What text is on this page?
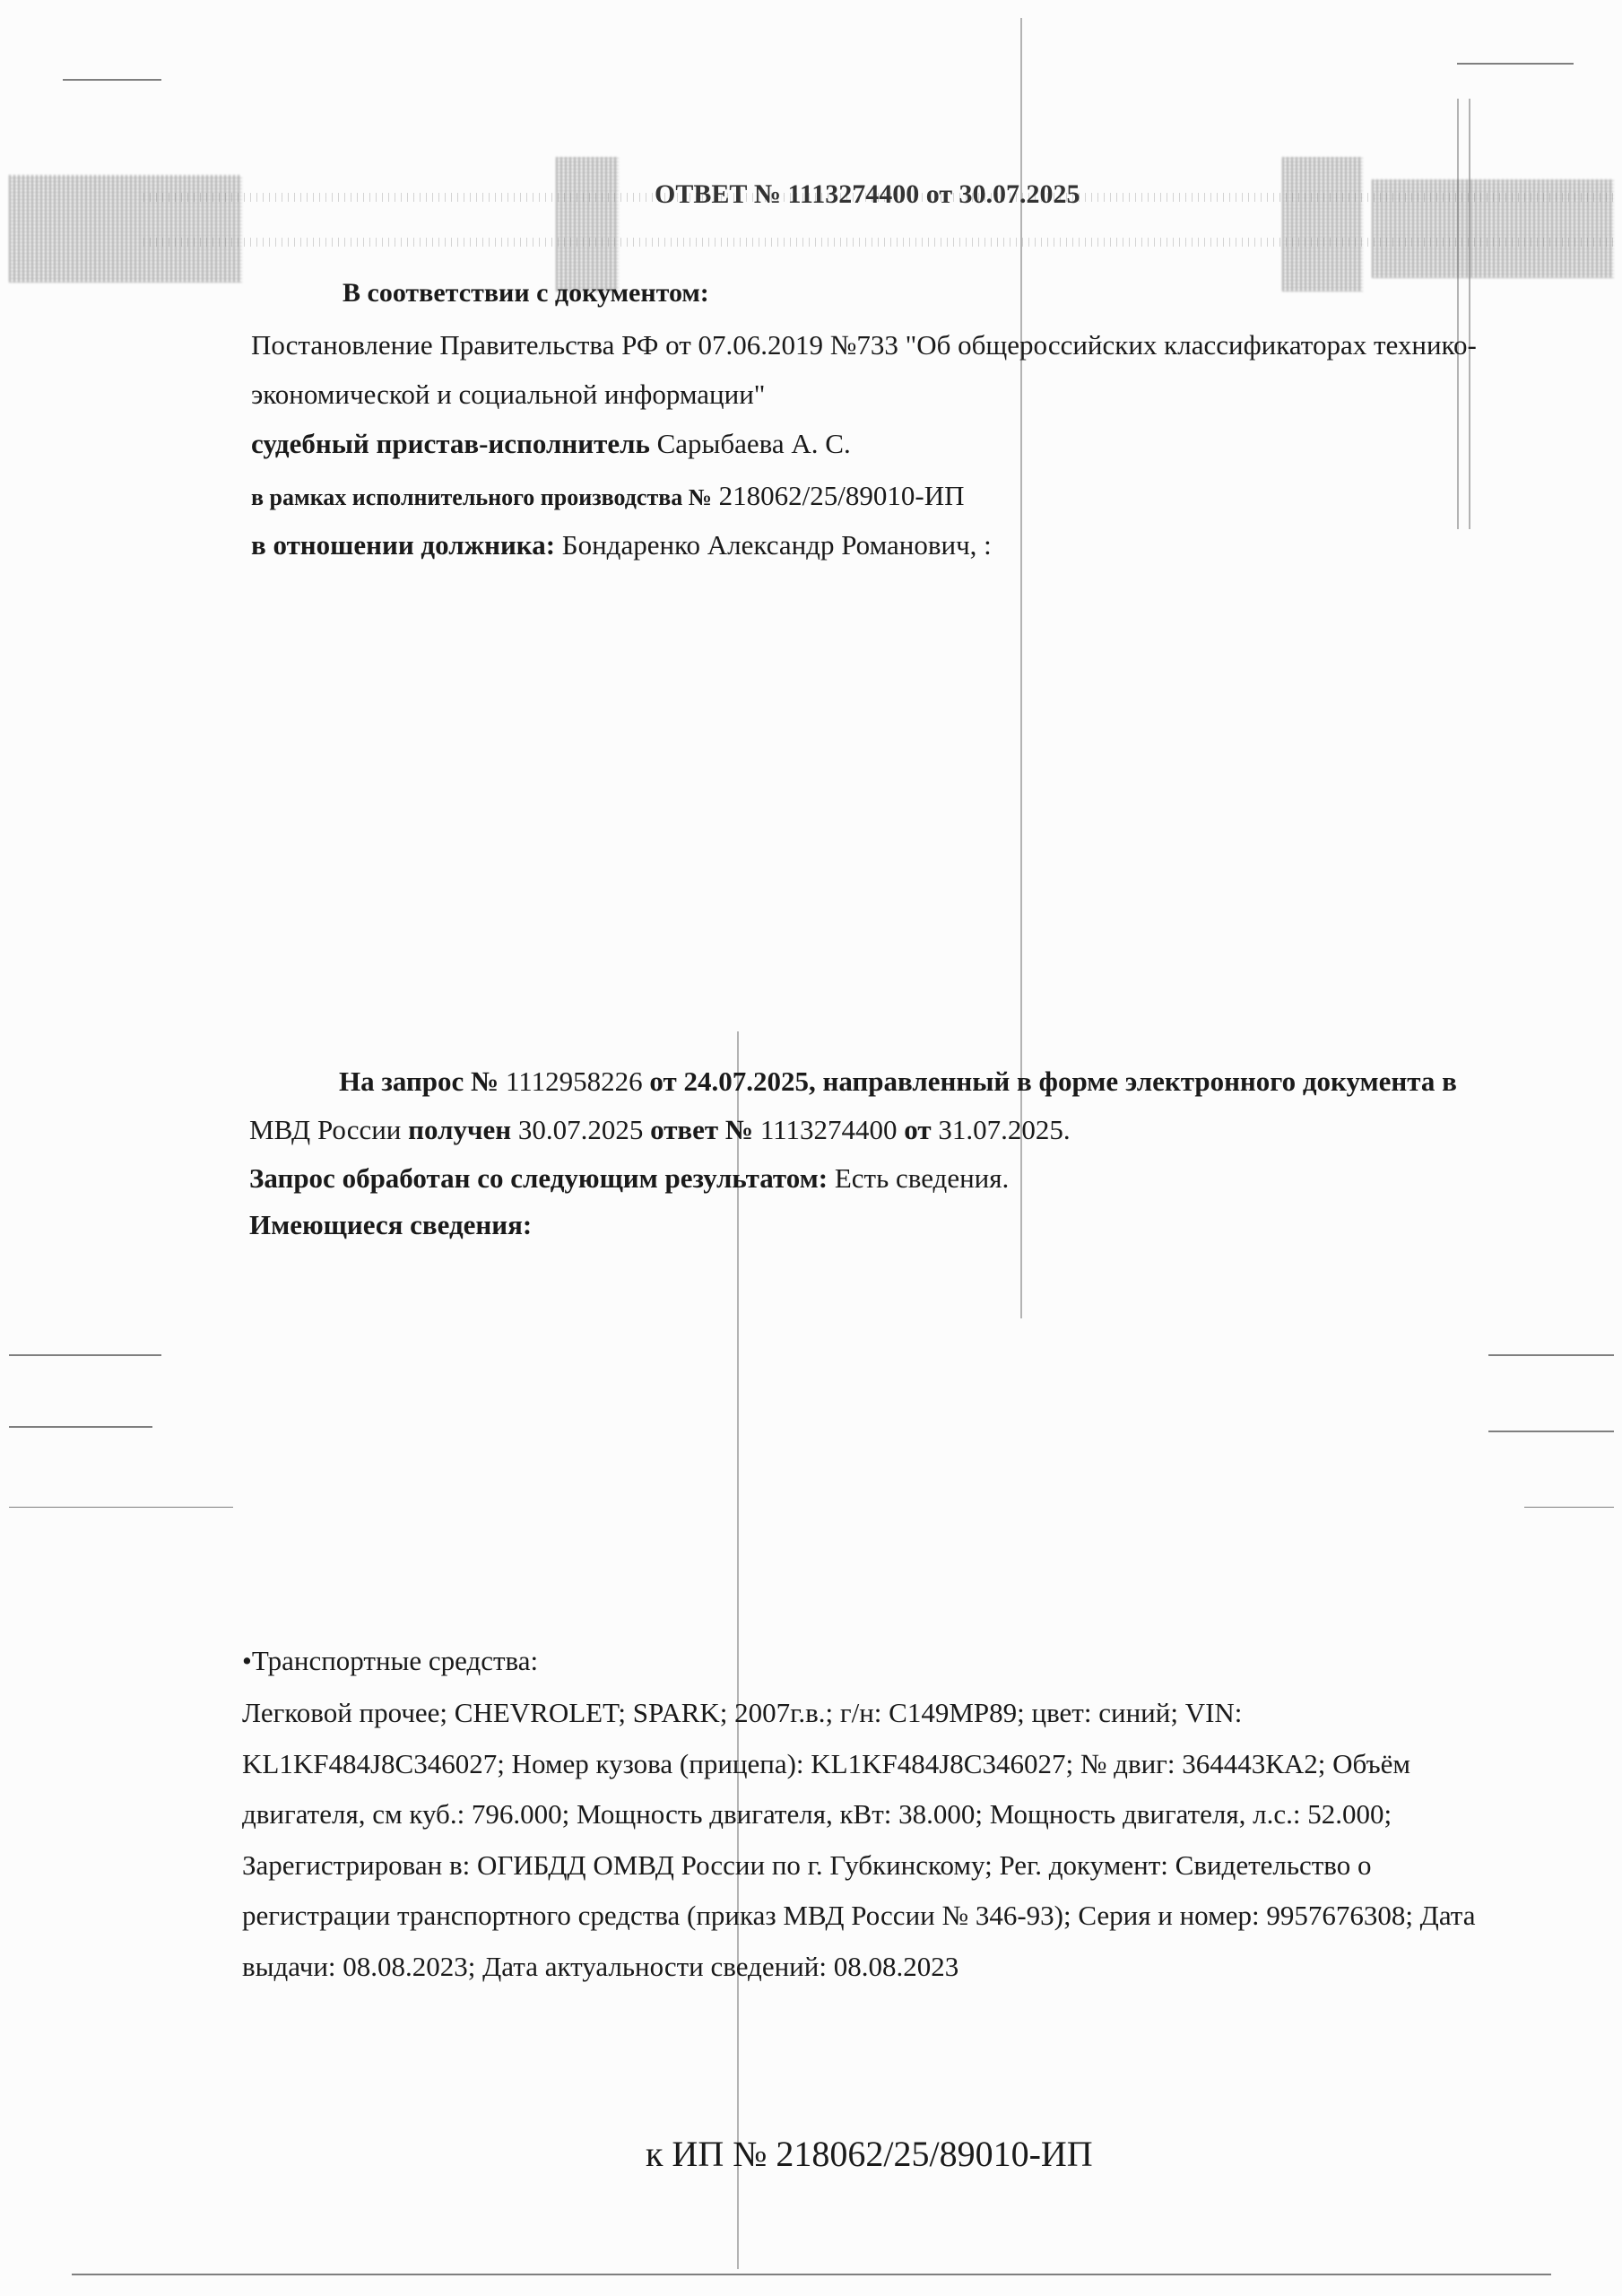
ОТВЕТ № 1113274400 от 30.07.2025
В соответствии с документом:
Постановление Правительства РФ от 07.06.2019 №733 "Об общероссийских классификаторах технико-
экономической и социальной информации"
судебный пристав-исполнитель Сарыбаева А. С.
в рамках исполнительного производства № 218062/25/89010-ИП
в отношении должника: Бондаренко Александр Романович, :
На запрос № 1112958226 от 24.07.2025, направленный в форме электронного документа в
МВД России получен 30.07.2025 ответ № 1113274400 от 31.07.2025.
Запрос обработан со следующим результатом: Есть сведения.
Имеющиеся сведения:
•Транспортные средства:
Легковой прочее; CHEVROLET; SPARK; 2007г.в.; г/н: С149МР89; цвет: синий; VIN:
KL1KF484J8C346027; Номер кузова (прицепа): KL1KF484J8C346027; № двиг: 364443КА2; Объём
двигателя, см куб.: 796.000; Мощность двигателя, кВт: 38.000; Мощность двигателя, л.с.: 52.000;
Зарегистрирован в: ОГИБДД ОМВД России по г. Губкинскому; Рег. документ: Свидетельство о
регистрации транспортного средства (приказ МВД России № 346-93); Серия и номер: 9957676308; Дата
выдачи: 08.08.2023; Дата актуальности сведений: 08.08.2023
к ИП № 218062/25/89010-ИП
